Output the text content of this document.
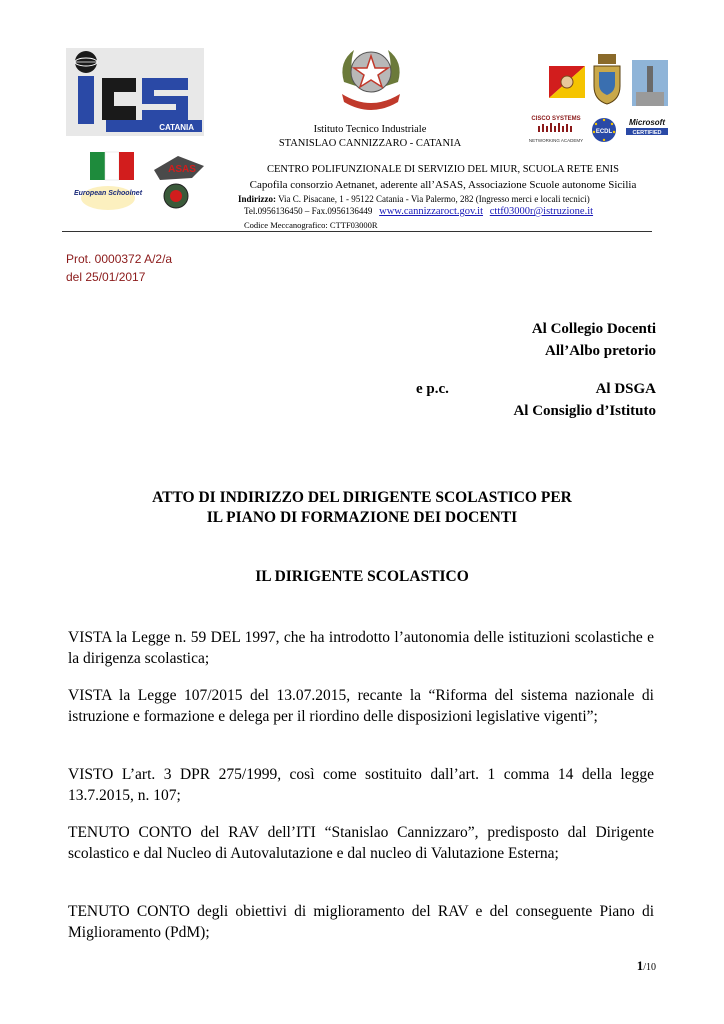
CATANIA	Istituto Tecnico Industriale
STANISLAO CANNIZZARO - CATANIA
CISCO SYSTEMS
NETWORKING ACADEMY
ECDL
Microsoft
CERTIFIED
ASAS
European Schoolnet
CENTRO POLIFUNZIONALE DI SERVIZIO DEL MIUR, SCUOLA RETE ENIS
Capofila consorzio Aetnanet, aderente all’ASAS, Associazione Scuole autonome Sicilia
Indirizzo: Via C. Pisacane, 1 - 95122 Catania - Via Palermo, 282 (Ingresso merci e locali tecnici)
Tel.0956136450 – Fax.0956136449 www.cannizzaroct.gov.it cttf03000r@istruzione.it
Codice Meccanografico: CTTF03000R
Prot. 0000372 A/2/a
del 25/01/2017
Al Collegio Docenti
All’Albo pretorio
e p.c.	Al DSGA
Al Consiglio d’Istituto
ATTO DI INDIRIZZO DEL DIRIGENTE SCOLASTICO PER
IL PIANO DI FORMAZIONE DEI DOCENTI
IL DIRIGENTE SCOLASTICO
VISTA la Legge n. 59 DEL 1997, che ha introdotto l’autonomia delle istituzioni scolastiche e la dirigenza scolastica;
VISTA la Legge 107/2015 del 13.07.2015, recante la “Riforma del sistema nazionale di istruzione e formazione e delega per il riordino delle disposizioni legislative vigenti”;
VISTO L’art. 3 DPR 275/1999, così come sostituito dall’art. 1 comma 14 della legge 13.7.2015, n. 107;
TENUTO CONTO del RAV dell’ITI “Stanislao Cannizzaro”, predisposto dal Dirigente scolastico e dal Nucleo di Autovalutazione e dal nucleo di Valutazione Esterna;
TENUTO CONTO degli obiettivi di miglioramento del RAV e del conseguente Piano di Miglioramento (PdM);
1/10
